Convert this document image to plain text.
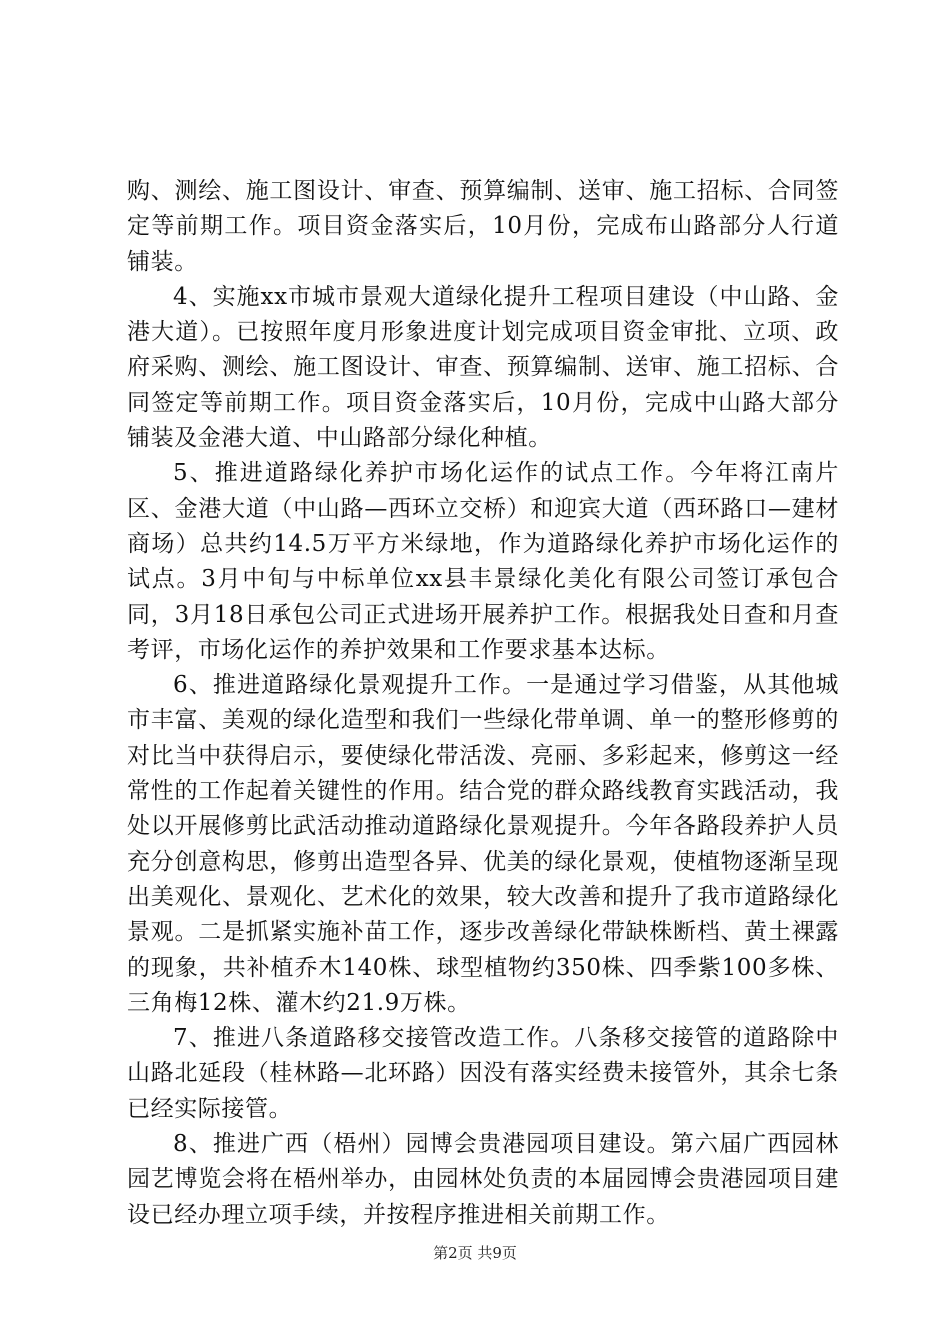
购、测绘、施工图设计、审查、预算编制、送审、施工招标、合同签定等前期工作。项目资金落实后，10月份，完成布山路部分人行道铺装。

4、实施xx市城市景观大道绿化提升工程项目建设（中山路、金港大道）。已按照年度月形象进度计划完成项目资金审批、立项、政府采购、测绘、施工图设计、审查、预算编制、送审、施工招标、合同签定等前期工作。项目资金落实后，10月份，完成中山路大部分铺装及金港大道、中山路部分绿化种植。

5、推进道路绿化养护市场化运作的试点工作。今年将江南片区、金港大道（中山路—西环立交桥）和迎宾大道（西环路口—建材商场）总共约14.5万平方米绿地，作为道路绿化养护市场化运作的试点。3月中旬与中标单位xx县丰景绿化美化有限公司签订承包合同，3月18日承包公司正式进场开展养护工作。根据我处日查和月查考评，市场化运作的养护效果和工作要求基本达标。

6、推进道路绿化景观提升工作。一是通过学习借鉴，从其他城市丰富、美观的绿化造型和我们一些绿化带单调、单一的整形修剪的对比当中获得启示，要使绿化带活泼、亮丽、多彩起来，修剪这一经常性的工作起着关键性的作用。结合党的群众路线教育实践活动，我处以开展修剪比武活动推动道路绿化景观提升。今年各路段养护人员充分创意构思，修剪出造型各异、优美的绿化景观，使植物逐渐呈现出美观化、景观化、艺术化的效果，较大改善和提升了我市道路绿化景观。二是抓紧实施补苗工作，逐步改善绿化带缺株断档、黄土裸露的现象，共补植乔木140株、球型植物约350株、四季紫100多株、三角梅12株、灌木约21.9万株。

7、推进八条道路移交接管改造工作。八条移交接管的道路除中山路北延段（桂林路—北环路）因没有落实经费未接管外，其余七条已经实际接管。

8、推进广西（梧州）园博会贵港园项目建设。第六届广西园林园艺博览会将在梧州举办，由园林处负责的本届园博会贵港园项目建设已经办理立项手续，并按程序推进相关前期工作。

第2页 共9页
